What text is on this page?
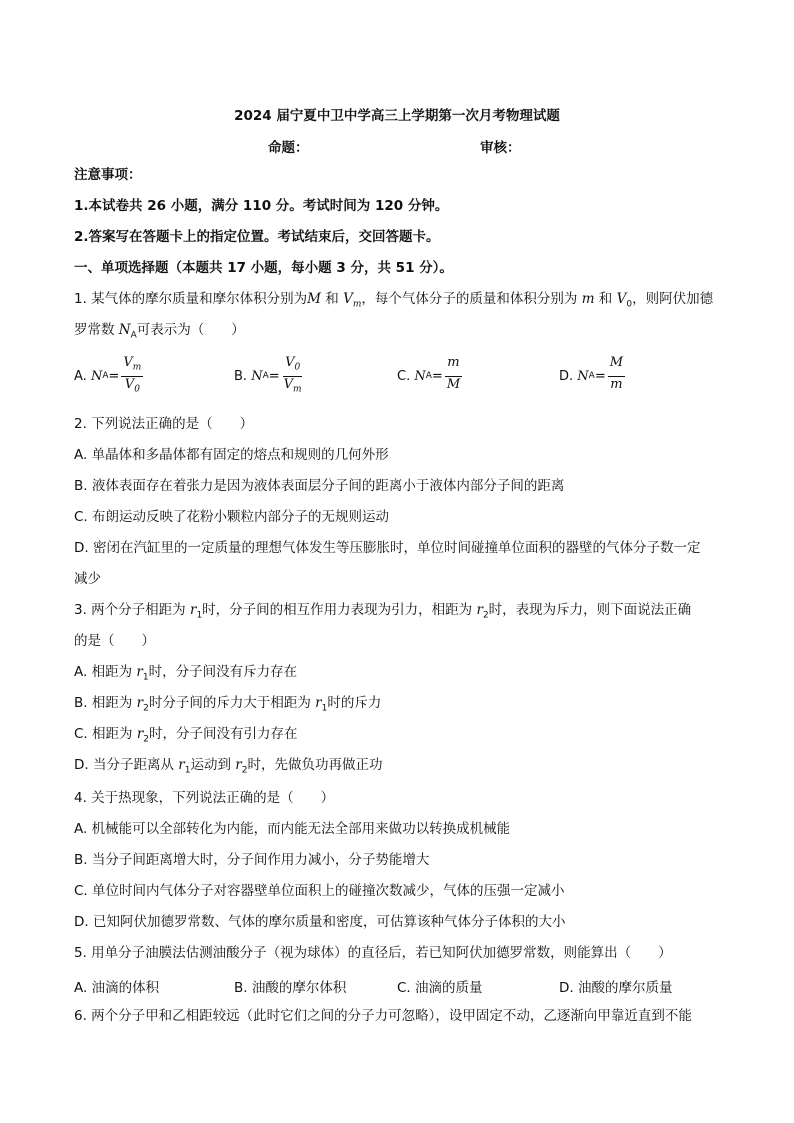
2024 届宁夏中卫中学高三上学期第一次月考物理试题
命题：	审核：
注意事项：
1.本试卷共 26 小题，满分 110 分。考试时间为 120 分钟。
2.答案写在答题卡上的指定位置。考试结束后，交回答题卡。
一、单项选择题（本题共 17 小题，每小题 3 分，共 51 分）。
1. 某气体的摩尔质量和摩尔体积分别为M 和 $V_m$，每个气体分子的质量和体积分别为 m 和 $V_0$，则阿伏加德
罗常数 $N_A$可表示为（　　）
A.
N $A = \frac{V_m}{V_0}$	B.
N $A = \frac{V_0}{V_m}$	C.
N $A = \frac{m}{M}$	D.
N $A = \frac{M}{m}$
2. 下列说法正确的是（　　）
A. 单晶体和多晶体都有固定的熔点和规则的几何外形
B. 液体表面存在着张力是因为液体表面层分子间的距离小于液体内部分子间的距离
C. 布朗运动反映了花粉小颗粒内部分子的无规则运动
D. 密闭在汽缸里的一定质量的理想气体发生等压膨胀时，单位时间碰撞单位面积的器壁的气体分子数一定
减少
3. 两个分子相距为 $r_1$时，分子间的相互作用力表现为引力，相距为 $r_2$时，表现为斥力，则下面说法正确
的是（　　）
A. 相距为 $r_1$时，分子间没有斥力存在
B. 相距为 $r_2$时分子间的斥力大于相距为 $r_1$时的斥力
C. 相距为 $r_2$时，分子间没有引力存在
D. 当分子距离从 $r_1$运动到 $r_2$时，先做负功再做正功
4. 关于热现象，下列说法正确的是（　　）
A. 机械能可以全部转化为内能，而内能无法全部用来做功以转换成机械能
B. 当分子间距离增大时，分子间作用力减小，分子势能增大
C. 单位时间内气体分子对容器壁单位面积上的碰撞次数减少，气体的压强一定减小
D. 已知阿伏加德罗常数、气体的摩尔质量和密度，可估算该种气体分子体积的大小
5. 用单分子油膜法估测油酸分子（视为球体）的直径后，若已知阿伏加德罗常数，则能算出（　　）
A. 油滴的体积	B. 油酸的摩尔体积	C. 油滴的质量	D. 油酸的摩尔质量
6. 两个分子甲和乙相距较远（此时它们之间的分子力可忽略），设甲固定不动，乙逐渐向甲靠近直到不能
